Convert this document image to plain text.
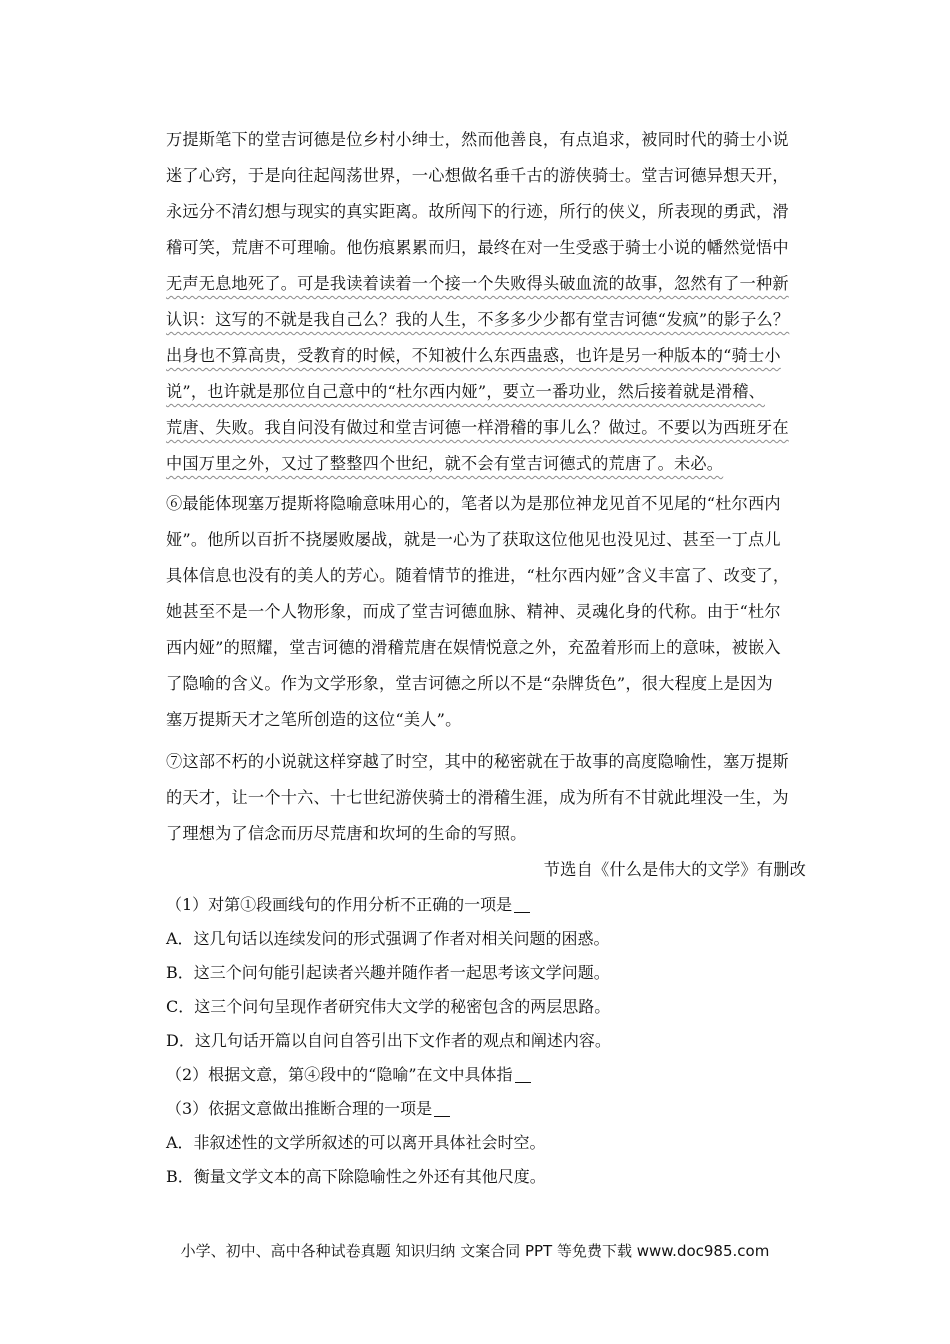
万提斯笔下的堂吉诃德是位乡村小绅士，然而他善良，有点追求，被同时代的骑士小说
迷了心窍，于是向往起闯荡世界，一心想做名垂千古的游侠骑士。堂吉诃德异想天开，
永远分不清幻想与现实的真实距离。故所闯下的行迹，所行的侠义，所表现的勇武，滑
稽可笑，荒唐不可理喻。他伤痕累累而归，最终在对一生受惑于骑士小说的幡然觉悟中
无声无息地死了。可是我读着读着一个接一个失败得头破血流的故事，忽然有了一种新
认识：这写的不就是我自己么？我的人生，不多多少少都有堂吉诃德“发疯”的影子么？
出身也不算高贵，受教育的时候，不知被什么东西蛊惑，也许是另一种版本的“骑士小
说”，也许就是那位自己意中的“杜尔西内娅”，要立一番功业，然后接着就是滑稽、
荒唐、失败。我自问没有做过和堂吉诃德一样滑稽的事儿么？做过。不要以为西班牙在
中国万里之外，又过了整整四个世纪，就不会有堂吉诃德式的荒唐了。未必。
⑥最能体现塞万提斯将隐喻意味用心的，笔者以为是那位神龙见首不见尾的“杜尔西内
娅”。他所以百折不挠屡败屡战，就是一心为了获取这位他见也没见过、甚至一丁点儿
具体信息也没有的美人的芳心。随着情节的推进，“杜尔西内娅”含义丰富了、改变了，
她甚至不是一个人物形象，而成了堂吉诃德血脉、精神、灵魂化身的代称。由于“杜尔
西内娅”的照耀，堂吉诃德的滑稽荒唐在娱情悦意之外，充盈着形而上的意味，被嵌入
了隐喻的含义。作为文学形象，堂吉诃德之所以不是“杂牌货色”，很大程度上是因为
塞万提斯天才之笔所创造的这位“美人”。
⑦这部不朽的小说就这样穿越了时空，其中的秘密就在于故事的高度隐喻性，塞万提斯
的天才，让一个十六、十七世纪游侠骑士的滑稽生涯，成为所有不甘就此埋没一生，为
了理想为了信念而历尽荒唐和坎坷的生命的写照。
节选自《什么是伟大的文学》有删改
（1）对第①段画线句的作用分析不正确的一项是
A．这几句话以连续发问的形式强调了作者对相关问题的困惑。
B．这三个问句能引起读者兴趣并随作者一起思考该文学问题。
C．这三个问句呈现作者研究伟大文学的秘密包含的两层思路。
D．这几句话开篇以自问自答引出下文作者的观点和阐述内容。
（2）根据文意，第④段中的“隐喻”在文中具体指
（3）依据文意做出推断合理的一项是
A．非叙述性的文学所叙述的可以离开具体社会时空。
B．衡量文学文本的高下除隐喻性之外还有其他尺度。
小学、初中、高中各种试卷真题 知识归纳 文案合同 PPT 等免费下载 www.doc985.com
